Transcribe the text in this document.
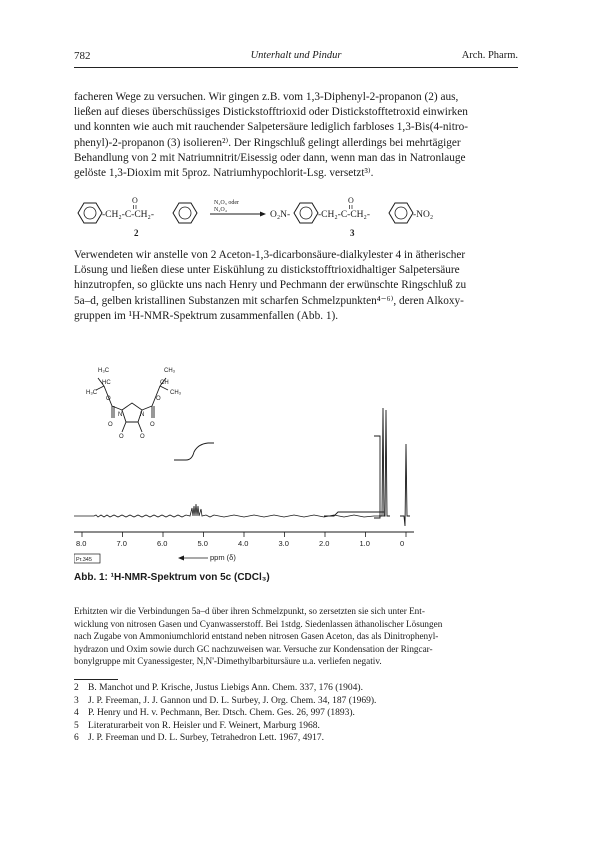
782	Unterhalt und Pindur	Arch. Pharm.

facheren Wege zu versuchen. Wir gingen z.B. vom 1,3-Diphenyl-2-propanon (2) aus,
ließen auf dieses überschüssiges Distickstofftrioxid oder Distickstofftetroxid einwirken
und konnten wie auch mit rauchender Salpetersäure lediglich farbloses 1,3-Bis(4-nitro-
phenyl)-2-propanon (3) isolieren²⁾. Der Ringschluß gelingt allerdings bei mehrtägiger
Behandlung von 2 mit Natriumnitrit/Eisessig oder dann, wenn man das in Natronlauge
gelöste 1,3-Dioxim mit 5proz. Natriumhypochlorit-Lsg. versetzt³⁾.

-CH₂-C-CH₂-
O
2
N₂O₃ oder
N₂O₄	O₂N-	-CH₂-C-CH₂-
O
-NO₂
3

Verwendeten wir anstelle von 2 Aceton-1,3-dicarbonsäure-dialkylester 4 in ätherischer
Lösung und ließen diese unter Eiskühlung zu distickstofftrioxidhaltiger Salpetersäure
hinzutropfen, so glückte uns nach Henry und Pechmann der erwünschte Ringschluß zu
5a–d, gelben kristallinen Substanzen mit scharfen Schmelzpunkten⁴⁻⁶⁾, deren Alkoxy-
gruppen im ¹H-NMR-Spektrum zusammenfallen (Abb. 1).

H₃C	CH₃
HC	CH
H₃C	CH₃
O	O
O	O
N	N
O	O
8.0	7.0	6.0	5.0	4.0	3.0	2.0	1.0	0
ppm (δ)
Pr.345
Abb. 1: ¹H-NMR-Spektrum von 5c (CDCl₃)

Erhitzten wir die Verbindungen 5a–d über ihren Schmelzpunkt, so zersetzten sie sich unter Ent-
wicklung von nitrosen Gasen und Cyanwasserstoff. Bei 1stdg. Siedenlassen äthanolischer Lösungen
nach Zugabe von Ammoniumchlorid entstand neben nitrosen Gasen Aceton, das als Dinitrophenyl-
hydrazon und Oxim sowie durch GC nachzuweisen war. Versuche zur Kondensation der Ringcar-
bonylgruppe mit Cyanessigester, N,N'-Dimethylbarbitursäure u.a. verliefen negativ.

2 B. Manchot und P. Krische, Justus Liebigs Ann. Chem. 337, 176 (1904).
3 J. P. Freeman, J. J. Gannon und D. L. Surbey, J. Org. Chem. 34, 187 (1969).
4 P. Henry und H. v. Pechmann, Ber. Dtsch. Chem. Ges. 26, 997 (1893).
5 Literaturarbeit von R. Heisler und F. Weinert, Marburg 1968.
6 J. P. Freeman und D. L. Surbey, Tetrahedron Lett. 1967, 4917.
